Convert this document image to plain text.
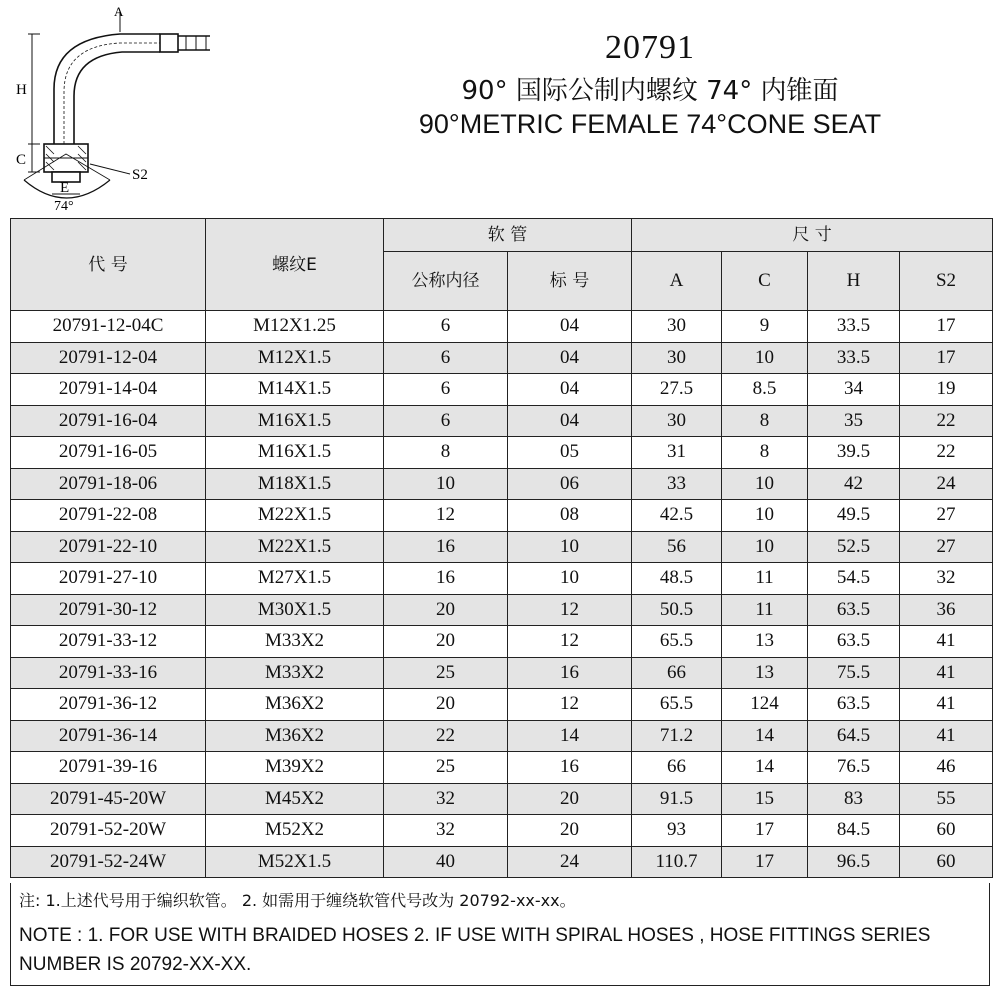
A
H
C
E
S2
74°
20791
90° 国际公制内螺纹 74° 内锥面
90°METRIC FEMALE 74°CONE SEAT
代 号	螺纹E	软 管		尺 寸			
		公称内径	标 号	A	C	H	S2
20791-12-04C	M12X1.25	6	04	30	9	33.5	17
20791-12-04	M12X1.5	6	04	30	10	33.5	17
20791-14-04	M14X1.5	6	04	27.5	8.5	34	19
20791-16-04	M16X1.5	6	04	30	8	35	22
20791-16-05	M16X1.5	8	05	31	8	39.5	22
20791-18-06	M18X1.5	10	06	33	10	42	24
20791-22-08	M22X1.5	12	08	42.5	10	49.5	27
20791-22-10	M22X1.5	16	10	56	10	52.5	27
20791-27-10	M27X1.5	16	10	48.5	11	54.5	32
20791-30-12	M30X1.5	20	12	50.5	11	63.5	36
20791-33-12	M33X2	20	12	65.5	13	63.5	41
20791-33-16	M33X2	25	16	66	13	75.5	41
20791-36-12	M36X2	20	12	65.5	124	63.5	41
20791-36-14	M36X2	22	14	71.2	14	64.5	41
20791-39-16	M39X2	25	16	66	14	76.5	46
20791-45-20W	M45X2	32	20	91.5	15	83	55
20791-52-20W	M52X2	32	20	93	17	84.5	60
20791-52-24W	M52X1.5	40	24	110.7	17	96.5	60
注: 1.上述代号用于编织软管。 2. 如需用于缠绕软管代号改为 20792-xx-xx。
NOTE : 1. FOR USE WITH BRAIDED HOSES 2. IF USE WITH SPIRAL HOSES , HOSE FITTINGS SERIES NUMBER IS 20792-XX-XX.
